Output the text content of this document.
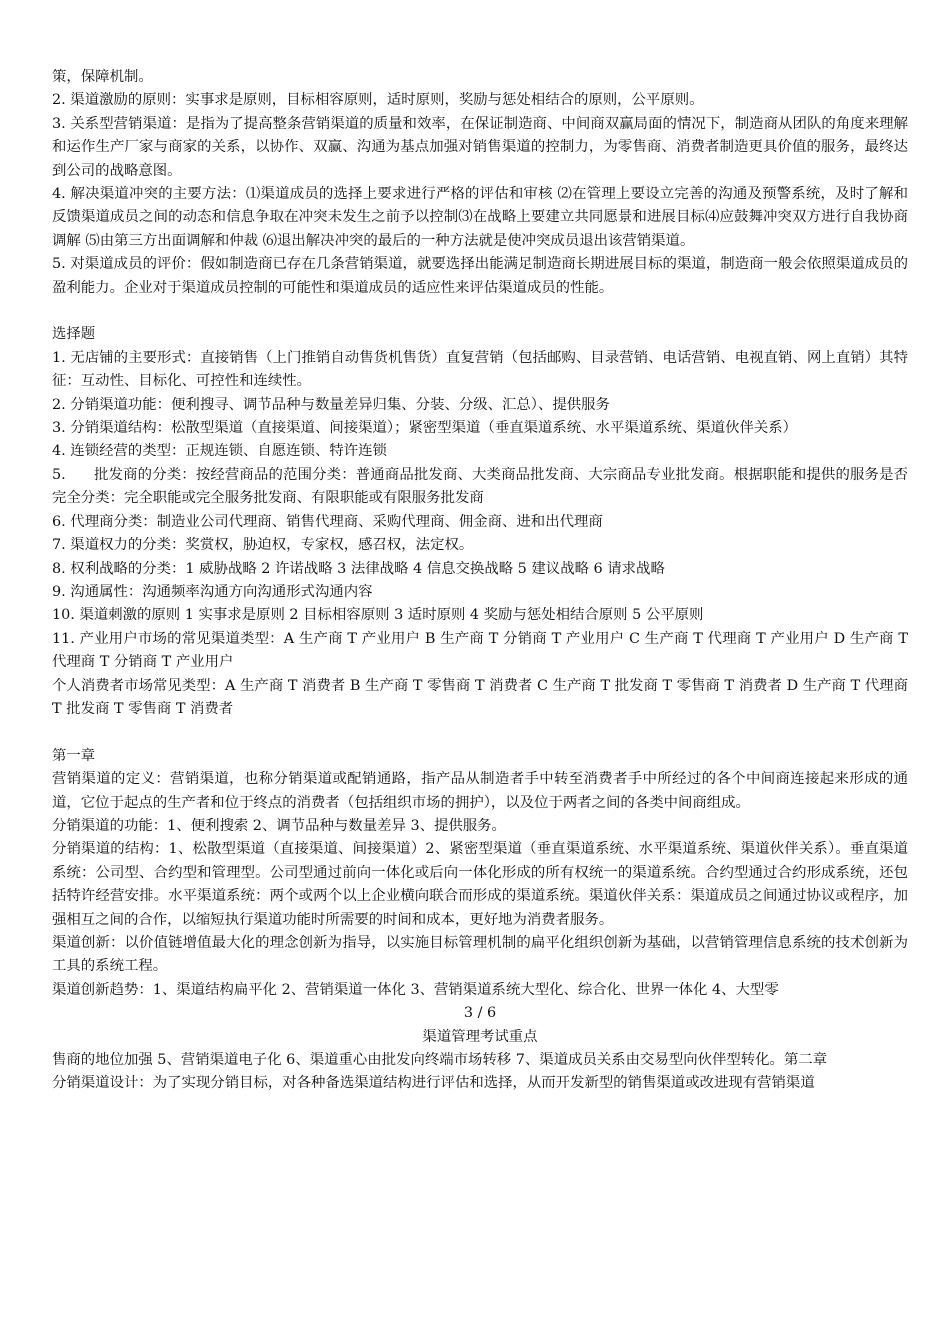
策，保障机制。

2. 渠道激励的原则：实事求是原则，目标相容原则，适时原则，奖励与惩处相结合的原则，公平原则。

3. 关系型营销渠道：是指为了提高整条营销渠道的质量和效率，在保证制造商、中间商双赢局面的情况下，制造商从团队的角度来理解和运作生产厂家与商家的关系，以协作、双赢、沟通为基点加强对销售渠道的控制力，为零售商、消费者制造更具价值的服务，最终达到公司的战略意图。

4. 解决渠道冲突的主要方法：⑴渠道成员的选择上要求进行严格的评估和审核 ⑵在管理上要设立完善的沟通及预警系统，及时了解和反馈渠道成员之间的动态和信息争取在冲突未发生之前予以控制⑶在战略上要建立共同愿景和进展目标⑷应鼓舞冲突双方进行自我协商调解 ⑸由第三方出面调解和仲裁 ⑹退出解决冲突的最后的一种方法就是使冲突成员退出该营销渠道。

5. 对渠道成员的评价：假如制造商已存在几条营销渠道，就要选择出能满足制造商长期进展目标的渠道，制造商一般会依照渠道成员的盈利能力。企业对于渠道成员控制的可能性和渠道成员的适应性来评估渠道成员的性能。

选择题

1. 无店铺的主要形式：直接销售（上门推销自动售货机售货）直复营销（包括邮购、目录营销、电话营销、电视直销、网上直销）其特征：互动性、目标化、可控性和连续性。

2. 分销渠道功能：便利搜寻、调节品种与数量差异归集、分装、分级、汇总）、提供服务

3. 分销渠道结构：松散型渠道（直接渠道、间接渠道）；紧密型渠道（垂直渠道系统、水平渠道系统、渠道伙伴关系）

4. 连锁经营的类型：正规连锁、自愿连锁、特许连锁

5.      批发商的分类：按经营商品的范围分类：普通商品批发商、大类商品批发商、大宗商品专业批发商。根据职能和提供的服务是否完全分类：完全职能或完全服务批发商、有限职能或有限服务批发商

6. 代理商分类：制造业公司代理商、销售代理商、采购代理商、佣金商、进和出代理商

7. 渠道权力的分类：奖赏权，胁迫权，专家权，感召权，法定权。

8. 权利战略的分类：1 威胁战略 2 许诺战略 3 法律战略 4 信息交换战略 5 建议战略 6 请求战略

9. 沟通属性：沟通频率沟通方向沟通形式沟通内容

10. 渠道刺激的原则 1 实事求是原则 2 目标相容原则 3 适时原则 4 奖励与惩处相结合原则 5 公平原则

11. 产业用户市场的常见渠道类型：A 生产商 T 产业用户 B 生产商 T 分销商 T 产业用户 C 生产商 T 代理商 T 产业用户 D 生产商 T 代理商 T 分销商 T 产业用户

个人消费者市场常见类型：A 生产商 T 消费者 B 生产商 T 零售商 T 消费者 C 生产商 T 批发商 T 零售商 T 消费者 D 生产商 T 代理商 T 批发商 T 零售商 T 消费者

第一章

营销渠道的定义：营销渠道，也称分销渠道或配销通路，指产品从制造者手中转至消费者手中所经过的各个中间商连接起来形成的通道，它位于起点的生产者和位于终点的消费者（包括组织市场的拥护），以及位于两者之间的各类中间商组成。

分销渠道的功能：1、便利搜索 2、调节品种与数量差异 3、提供服务。

分销渠道的结构：1、松散型渠道（直接渠道、间接渠道）2、紧密型渠道（垂直渠道系统、水平渠道系统、渠道伙伴关系）。垂直渠道系统：公司型、合约型和管理型。公司型通过前向一体化或后向一体化形成的所有权统一的渠道系统。合约型通过合约形成系统，还包括特许经营安排。水平渠道系统：两个或两个以上企业横向联合而形成的渠道系统。渠道伙伴关系：渠道成员之间通过协议或程序，加强相互之间的合作，以缩短执行渠道功能时所需要的时间和成本，更好地为消费者服务。

渠道创新：以价值链增值最大化的理念创新为指导，以实施目标管理机制的扁平化组织创新为基础，以营销管理信息系统的技术创新为工具的系统工程。

渠道创新趋势：1、渠道结构扁平化 2、营销渠道一体化 3、营销渠道系统大型化、综合化、世界一体化 4、大型零

3 / 6

渠道管理考试重点

售商的地位加强 5、营销渠道电子化 6、渠道重心由批发向终端市场转移 7、渠道成员关系由交易型向伙伴型转化。第二章

分销渠道设计：为了实现分销目标，对各种备选渠道结构进行评估和选择，从而开发新型的销售渠道或改进现有营销渠道
